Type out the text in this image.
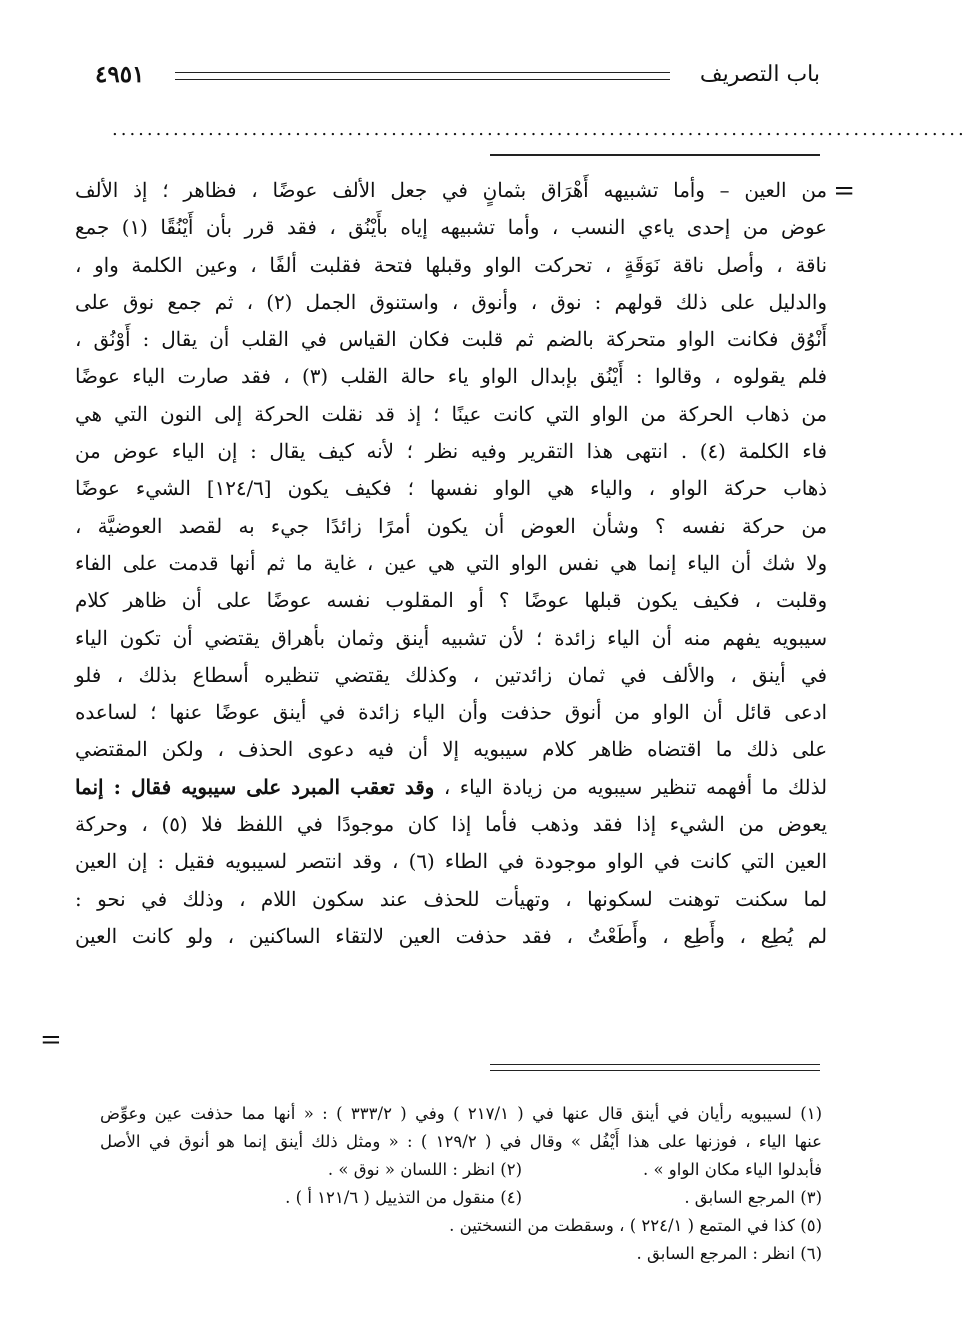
باب التصريف
٤٩٥١
..................................................................................................
=
من العين – وأما تشبيهه أَهْرَاق بثمانٍ في جعل الألف عوضًا ، فظاهر ؛ إذ الألف
عوض من إحدى ياءي النسب ، وأما تشبيهه إياه بأَيْنُق ، فقد قرر بأن أَيْنُقًا (١) جمع
ناقة ، وأصل ناقة نَوَقَةٍ ، تحركت الواو وقبلها فتحة فقلبت ألفًا ، وعين الكلمة واو ،
والدليل على ذلك قولهم : نوق ، وأنوق ، واستنوق الجمل (٢) ، ثم جمع نوق على
أَنْوُق فكانت الواو متحركة بالضم ثم قلبت فكان القياس في القلب أن يقال : أَوْنُق ،
فلم يقولوه ، وقالوا : أَيْنُق بإبدال الواو ياء حالة القلب (٣) ، فقد صارت الياء عوضًا
من ذهاب الحركة من الواو التي كانت عينًا ؛ إذ قد نقلت الحركة إلى النون التي هي
فاء الكلمة (٤) . انتهى هذا التقرير وفيه نظر ؛ لأنه كيف يقال : إن الياء عوض من
ذهاب حركة الواو ، والياء هي الواو نفسها ؛ فكيف يكون [١٢٤/٦] الشيء عوضًا
من حركة نفسه ؟ وشأن العوض أن يكون أمرًا زائدًا جيء به لقصد العوضيَّة ،
ولا شك أن الياء إنما هي نفس الواو التي هي عين ، غاية ما ثم أنها قدمت على الفاء
وقلبت ، فكيف يكون قبلها عوضًا ؟ أو المقلوب نفسه عوضًا على أن ظاهر كلام
سيبويه يفهم منه أن الياء زائدة ؛ لأن تشبيه أينق وثمان بأهراق يقتضي أن تكون الياء
في أينق ، والألف في ثمان زائدتين ، وكذلك يقتضي تنظيره أسطاع بذلك ، فلو
ادعى قائل أن الواو من أنوق حذفت وأن الياء زائدة في أينق عوضًا عنها ؛ لساعده
على ذلك ما اقتضاه ظاهر كلام سيبويه إلا أن فيه دعوى الحذف ، ولكن المقتضي
لذلك ما أفهمه تنظير سيبويه من زيادة الياء ، وقد تعقب المبرد على سيبويه فقال : إنما
يعوض من الشيء إذا فقد وذهب فأما إذا كان موجودًا في اللفظ فلا (٥) ، وحركة
العين التي كانت في الواو موجودة في الطاء (٦) ، وقد انتصر لسيبويه فقيل : إن العين
لما سكنت توهنت لسكونها ، وتهيأت للحذف عند سكون اللام ، وذلك في نحو :
لم يُطِع ، وأَطِع ، وأَطَعْتُ ، فقد حذفت العين لالتقاء الساكنين ، ولو كانت العين
=
(١) لسيبويه رأيان في أينق قال عنها في ( ٢١٧/١ ) وفي ( ٣٣٣/٢ ) : « أنها مما حذفت عين وعوِّض
عنها الياء ، فوزنها على هذا أَيْفُل » وقال في ( ١٢٩/٢ ) : « ومثل ذلك أينق إنما هو أنوق في الأصل
فأبدلوا الياء مكان الواو » .
(٢) انظر : اللسان « نوق » .
(٣) المرجع السابق .
(٤) منقول من التذييل ( ١٢١/٦ أ ) .
(٥) كذا في المتمع ( ٢٢٤/١ ) ، وسقطت من النسختين .
(٦) انظر : المرجع السابق .
